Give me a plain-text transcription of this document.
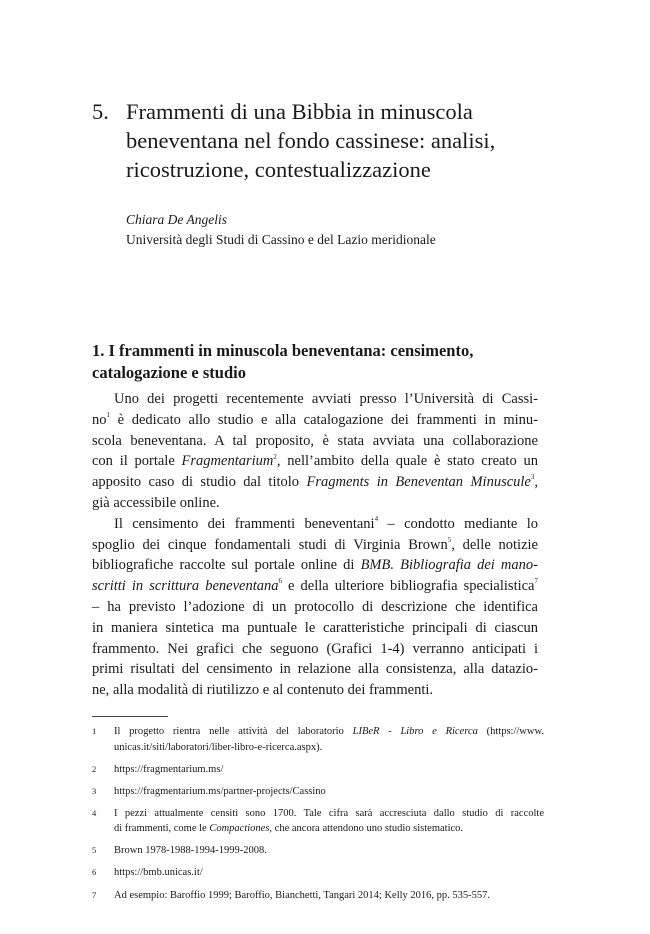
5. Frammenti di una Bibbia in minuscola
beneventana nel fondo cassinese: analisi,
ricostruzione, contestualizzazione
Chiara De Angelis
Università degli Studi di Cassino e del Lazio meridionale
1. I frammenti in minuscola beneventana: censimento,
catalogazione e studio

Uno dei progetti recentemente avviati presso l’Università di Cassi-
$no^1$ è dedicato allo studio e alla catalogazione dei frammenti in minu-
scola beneventana. A tal proposito, è stata avviata una collaborazione
con il portale Fragmentarium$^2$, nell’ambito della quale è stato creato un
apposito caso di studio dal titolo Fragments in Beneventan Minuscule$^3$,
già accessibile online.

Il censimento dei frammenti beneventani$^4$ – condotto mediante lo
spoglio dei cinque fondamentali studi di Virginia Brown$^5$, delle notizie
bibliografiche raccolte sul portale online di BMB. Bibliografia dei mano-
scritti in scrittura beneventana$^6$ e della ulteriore bibliografia specialistica$^7$
– ha previsto l’adozione di un protocollo di descrizione che identifica
in maniera sintetica ma puntuale le caratteristiche principali di ciascun
frammento. Nei grafici che seguono (Grafici 1-4) verranno anticipati i
primi risultati del censimento in relazione alla consistenza, alla datazio-
ne, alla modalità di riutilizzo e al contenuto dei frammenti.

1	Il progetto rientra nelle attività del laboratorio LIBeR - Libro e Ricerca (https://www.
unicas.it/siti/laboratori/liber-libro-e-ricerca.aspx).
2	https://fragmentarium.ms/
3	https://fragmentarium.ms/partner-projects/Cassino
4	I pezzi attualmente censiti sono 1700. Tale cifra sarà accresciuta dallo studio di raccolte
di frammenti, come le Compactiones, che ancora attendono uno studio sistematico.
5	Brown 1978-1988-1994-1999-2008.
6	https://bmb.unicas.it/
7	Ad esempio: Baroffio 1999; Baroffio, Bianchetti, Tangari 2014; Kelly 2016, pp. 535-557.
